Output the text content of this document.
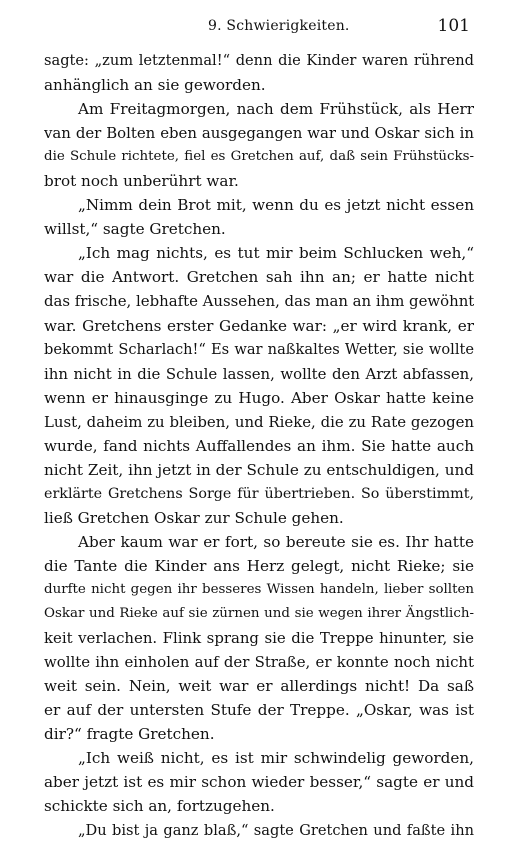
9. Schwierigkeiten.	101
sagte: „zum letztenmal!“ denn die Kinder waren rührend
anhänglich an sie geworden.
Am Freitagmorgen, nach dem Frühstück, als Herr
van der Bolten eben ausgegangen war und Oskar sich in
die Schule richtete, fiel es Gretchen auf, daß sein Frühstücks-
brot noch unberührt war.
„Nimm dein Brot mit, wenn du es jetzt nicht essen
willst,“ sagte Gretchen.
„Ich mag nichts, es tut mir beim Schlucken weh,“
war die Antwort. Gretchen sah ihn an; er hatte nicht
das frische, lebhafte Aussehen, das man an ihm gewöhnt
war. Gretchens erster Gedanke war: „er wird krank, er
bekommt Scharlach!“ Es war naßkaltes Wetter, sie wollte
ihn nicht in die Schule lassen, wollte den Arzt abfassen,
wenn er hinausginge zu Hugo. Aber Oskar hatte keine
Lust, daheim zu bleiben, und Rieke, die zu Rate gezogen
wurde, fand nichts Auffallendes an ihm. Sie hatte auch
nicht Zeit, ihn jetzt in der Schule zu entschuldigen, und
erklärte Gretchens Sorge für übertrieben. So überstimmt,
ließ Gretchen Oskar zur Schule gehen.
Aber kaum war er fort, so bereute sie es. Ihr hatte
die Tante die Kinder ans Herz gelegt, nicht Rieke; sie
durfte nicht gegen ihr besseres Wissen handeln, lieber sollten
Oskar und Rieke auf sie zürnen und sie wegen ihrer Ängstlich-
keit verlachen. Flink sprang sie die Treppe hinunter, sie
wollte ihn einholen auf der Straße, er konnte noch nicht
weit sein. Nein, weit war er allerdings nicht! Da saß
er auf der untersten Stufe der Treppe. „Oskar, was ist
dir?“ fragte Gretchen.
„Ich weiß nicht, es ist mir schwindelig geworden,
aber jetzt ist es mir schon wieder besser,“ sagte er und
schickte sich an, fortzugehen.
„Du bist ja ganz blaß,“ sagte Gretchen und faßte ihn
